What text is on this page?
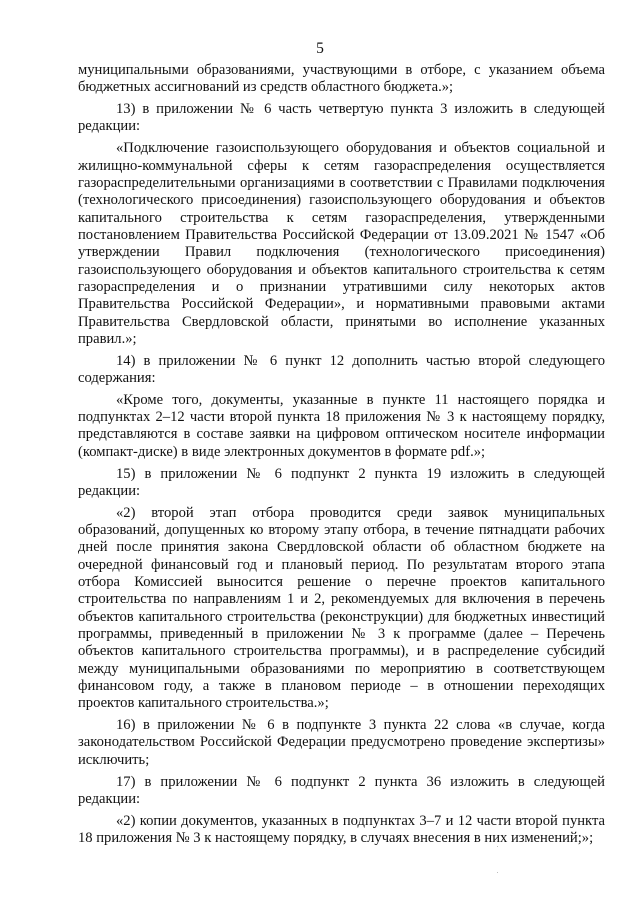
5

муниципальными образованиями, участвующими в отборе, с указанием объема бюджетных ассигнований из средств областного бюджета.»;

13) в приложении № 6 часть четвертую пункта 3 изложить в следующей редакции:

«Подключение газоиспользующего оборудования и объектов социальной и жилищно-коммунальной сферы к сетям газораспределения осуществляется газораспределительными организациями в соответствии с Правилами подключения (технологического присоединения) газоиспользующего оборудования и объектов капитального строительства к сетям газораспределения, утвержденными постановлением Правительства Российской Федерации от 13.09.2021 № 1547 «Об утверждении Правил подключения (технологического присоединения) газоиспользующего оборудования и объектов капитального строительства к сетям газораспределения и о признании утратившими силу некоторых актов Правительства Российской Федерации», и нормативными правовыми актами Правительства Свердловской области, принятыми во исполнение указанных правил.»;

14) в приложении № 6 пункт 12 дополнить частью второй следующего содержания:

«Кроме того, документы, указанные в пункте 11 настоящего порядка и подпунктах 2–12 части второй пункта 18 приложения № 3 к настоящему порядку, представляются в составе заявки на цифровом оптическом носителе информации (компакт-диске) в виде электронных документов в формате pdf.»;

15) в приложении № 6 подпункт 2 пункта 19 изложить в следующей редакции:

«2) второй этап отбора проводится среди заявок муниципальных образований, допущенных ко второму этапу отбора, в течение пятнадцати рабочих дней после принятия закона Свердловской области об областном бюджете на очередной финансовый год и плановый период. По результатам второго этапа отбора Комиссией выносится решение о перечне проектов капитального строительства по направлениям 1 и 2, рекомендуемых для включения в перечень объектов капитального строительства (реконструкции) для бюджетных инвестиций программы, приведенный в приложении № 3 к программе (далее – Перечень объектов капитального строительства программы), и в распределение субсидий между муниципальными образованиями по мероприятию в соответствующем финансовом году, а также в плановом периоде – в отношении переходящих проектов капитального строительства.»;

16) в приложении № 6 в подпункте 3 пункта 22 слова «в случае, когда законодательством Российской Федерации предусмотрено проведение экспертизы» исключить;

17) в приложении № 6 подпункт 2 пункта 36 изложить в следующей редакции:

«2) копии документов, указанных в подпунктах 3–7 и 12 части второй пункта 18 приложения № 3 к настоящему порядку, в случаях внесения в них изменений;»;
